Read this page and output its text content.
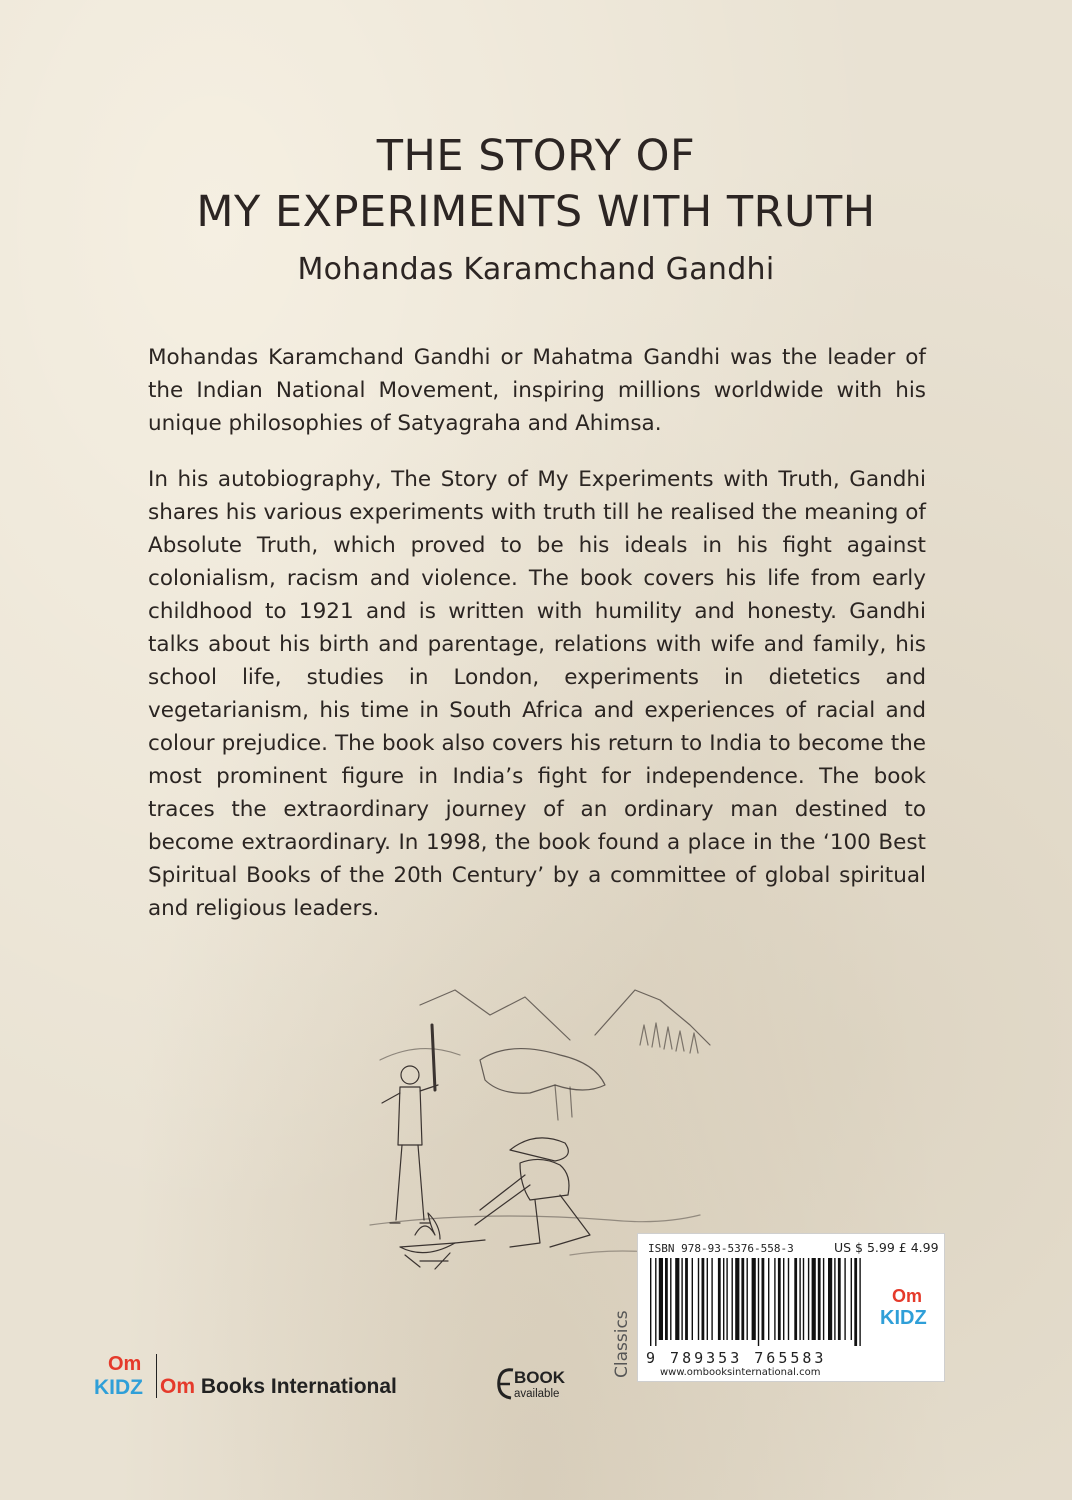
THE STORY OF
MY EXPERIMENTS WITH TRUTH
Mohandas Karamchand Gandhi

Mohandas Karamchand Gandhi or Mahatma Gandhi was the leader of the Indian National Movement, inspiring millions worldwide with his unique philosophies of Satyagraha and Ahimsa.

In his autobiography, The Story of My Experiments with Truth, Gandhi shares his various experiments with truth till he realised the meaning of Absolute Truth, which proved to be his ideals in his fight against colonialism, racism and violence. The book covers his life from early childhood to 1921 and is written with humility and honesty. Gandhi talks about his birth and parentage, relations with wife and family, his school life, studies in London, experiments in dietetics and vegetarianism, his time in South Africa and experiences of racial and colour prejudice. The book also covers his return to India to become the most prominent figure in India’s fight for independence. The book traces the extraordinary journey of an ordinary man destined to become extraordinary. In 1998, the book found a place in the ‘100 Best Spiritual Books of the 20th Century’ by a committee of global spiritual and religious leaders.

ISBN 978-93-5376-558-3	US $ 5.99 £ 4.99
9 789353 765583
www.ombooksinternational.com
Om
KIDZ
Classics
Om
KIDZ Om Books International	BOOK
available
